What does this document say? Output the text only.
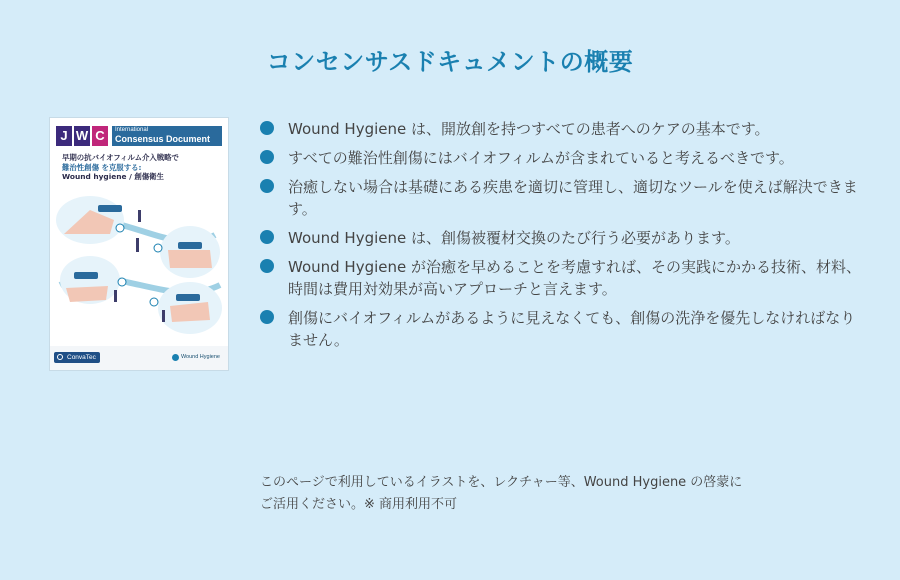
コンセンサスドキュメントの概要
J W C	International
Consensus Document
早期の抗バイオフィルム介入戦略で
難治性創傷 を克服する:
Wound hygiene / 創傷衛生
ConvaTec	Wound Hygiene
Wound Hygiene は、開放創を持つすべての患者へのケアの基本です。
すべての難治性創傷にはバイオフィルムが含まれていると考えるべきです。
治癒しない場合は基礎にある疾患を適切に管理し、適切なツールを使えば解決できます。
Wound Hygiene は、創傷被覆材交換のたび行う必要があります。
Wound Hygiene が治癒を早めることを考慮すれば、その実践にかかる技術、材料、時間は費用対効果が高いアプローチと言えます。
創傷にバイオフィルムがあるように見えなくても、創傷の洗浄を優先しなければなりません。
このページで利用しているイラストを、レクチャー等、Wound Hygiene の啓蒙に
ご活用ください。※ 商用利用不可
